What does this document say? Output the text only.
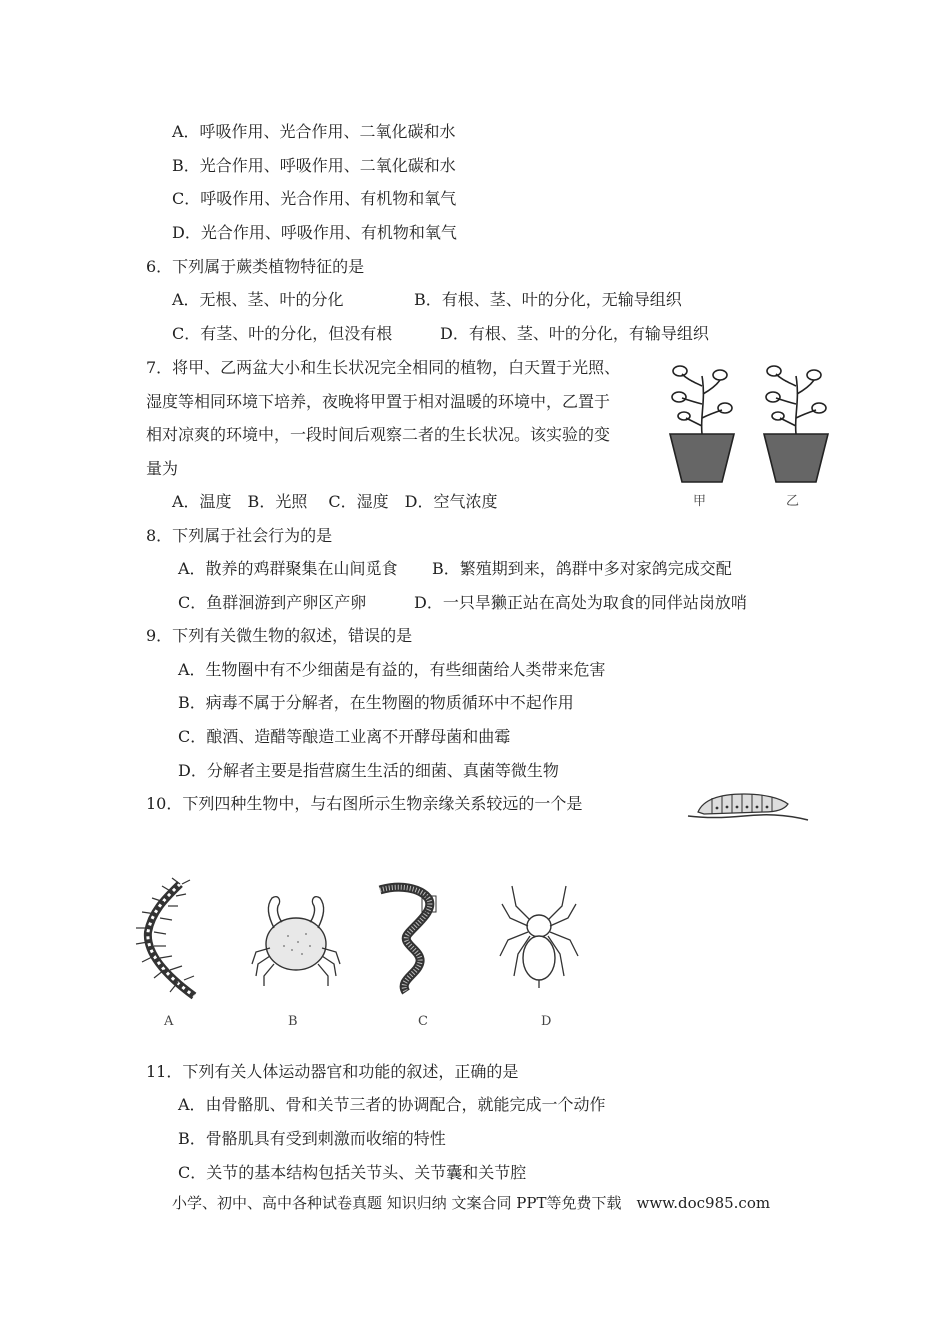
A．呼吸作用、光合作用、二氧化碳和水
B．光合作用、呼吸作用、二氧化碳和水
C．呼吸作用、光合作用、有机物和氧气
D．光合作用、呼吸作用、有机物和氧气
6．下列属于蕨类植物特征的是
A．无根、茎、叶的分化	B．有根、茎、叶的分化，无输导组织
C．有茎、叶的分化，但没有根	D．有根、茎、叶的分化，有输导组织
7．将甲、乙两盆大小和生长状况完全相同的植物，白天置于光照、
湿度等相同环境下培养，夜晚将甲置于相对温暖的环境中，乙置于
相对凉爽的环境中，一段时间后观察二者的生长状况。该实验的变
量为
A．温度　B．光照　 C．湿度　D．空气浓度	甲	乙
8．下列属于社会行为的是
A．散养的鸡群聚集在山间觅食 B．繁殖期到来，鸽群中多对家鸽完成交配
C．鱼群洄游到产卵区产卵	D．一只旱獭正站在高处为取食的同伴站岗放哨
9．下列有关微生物的叙述，错误的是
A．生物圈中有不少细菌是有益的，有些细菌给人类带来危害
B．病毒不属于分解者，在生物圈的物质循环中不起作用
C．酿酒、造醋等酿造工业离不开酵母菌和曲霉
D．分解者主要是指营腐生生活的细菌、真菌等微生物
10．下列四种生物中，与右图所示生物亲缘关系较远的一个是
A	B	C	D
11．下列有关人体运动器官和功能的叙述，正确的是
A．由骨骼肌、骨和关节三者的协调配合，就能完成一个动作
B．骨骼肌具有受到刺激而收缩的特性
C．关节的基本结构包括关节头、关节囊和关节腔
小学、初中、高中各种试卷真题 知识归纳 文案合同 PPT等免费下载　www.doc985.com
